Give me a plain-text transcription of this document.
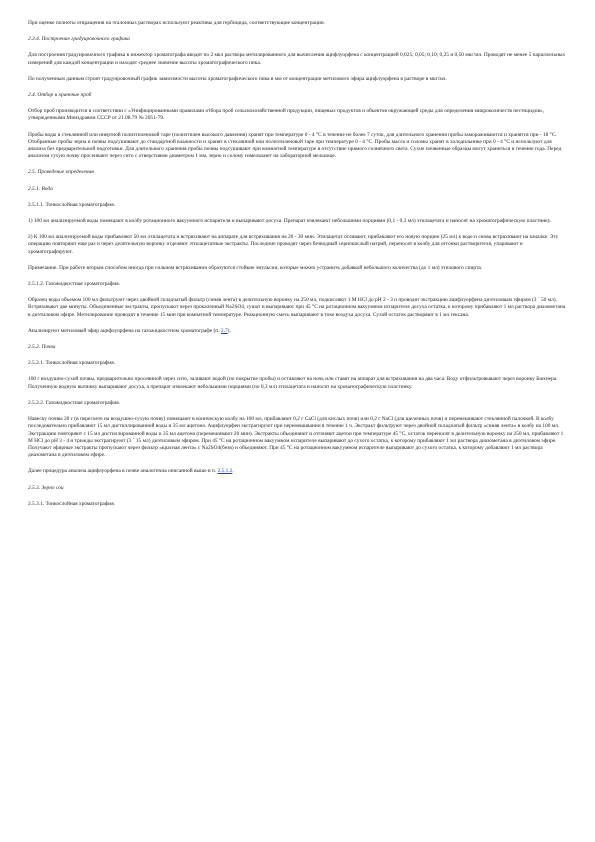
При оценке полноты отвращения на эталонных растворах используют реактивы для гербицида, соответствующие концентрации.

2.3.4. Построение градуировочного графика

Для построения градуировочного графика в инжектор хроматографа вводят по 2 мкл раствора метилированного для вычисления ацифлуорфена с концентрацией 0,025; 0,05; 0,10; 0,25 и 0,50 мкг/мл. Проводят не менее 5 параллельных измерений для каждой концентрации и находят среднее значение высоты хроматографического пика.

По полученным данным строят градуировочный график зависимости высоты хроматографического пика в мм от концентрации метилового эфира ацифлуорфена в растворе в мкг/мл.

2.4. Отбор и хранение проб

Отбор проб производится в соответствии с «Унифицированными правилами отбора проб сельскохозяйственной продукции, пищевых продуктов и объектов окружающей среды для определения микроколичеств пестицидов», утвержденными Минздравом СССР от 21.08.79 № 2051-79.

Пробы воды в стеклянной или инертной полиэтиленовой таре (полиэтилен высокого давления) хранят при температуре 0 - 4 °С в течение не более 7 суток, для длительного хранения пробы замораживаются и хранятся при - 18 °С. Отобранные пробы зерна и почвы подсушивают до стандартной влажности и хранят в стеклянной или полиэтиленовой таре при температуре 0 - 4 °С. Пробы масла и соломы хранят в холодильнике при 0 - 4 °С и используют для анализа без предварительной подготовки. Для длительного хранения пробы почвы подсушивают при комнатной температуре в отсутствие прямого солнечного света. Сухие почвенные образцы могут храниться в течение года. Перед анализом сухую почву просеивают через сито с отверстиями диаметром 1 мм, зерно и солому измельчают на лабораторной мельнице.

2.5. Проведение определения

2.5.1. Вода

2.5.1.1. Тонкослойная хроматография.

1) 100 мл анализируемой воды помещают в колбу ротационного вакуумного испарителя и выпаривают досуха. Препарат извлекают небольшими порциями (0,1 - 0,3 мл) этилацетата и наносят на хроматографическую пластинку.

2) К 100 мл анализируемой воды прибавляют 50 мл этилацетата и встряхивают на аппарате для встряхивания на 20 - 30 мин. Этилацетат отливают, прибавляют его новую порцию (25 мл) к воде и снова встряхивают на качалке. Эту операцию повторяют еще раз и через делительную воронку отделяют этилацетатные экстракты. Последние проводят через безводный сернокислый натрий, переносят в колбу для отгонки растворителя, упаривают и хроматографируют.

Примечание. При работе вторым способом иногда при сильном встряхивании образуются стойкие эмульсии, которые можно устранить добавкой небольшого количества (до 1 мл) этилового спирта.

2.5.1.2. Газожидкостная хроматография.

Образец воды объемом 100 мл фильтруют через двойной складчатый фильтр (синяя лента) в делительную воронку на 250 мл, подкисляют 1 М HCl до pH 2 - 3 и проводят экстракцию ацифлуорфена диэтиловым эфиром (3 ´ 50 мл). Встряхивают две минуты. Объединенные экстракты, пропускают через прокаленный Na2SO4, сушат и выпаривают при 45 °С на ротационном вакуумном испарителе досуха остатка, к которому прибавляют 1 мл раствора диазометана в диэтиловом эфире. Метилирование проводят в течение 15 мин при комнатной температуре. Реакционную смесь выпаривают в токе воздуха досуха. Сухой остаток растворяют в 1 мл гексана.

Анализируют метиловый эфир ацифлуорфена на газожидкостном хроматографе (п. 2.7).

2.5.2. Почва

2.5.2.1. Тонкослойная хроматография.

100 г воздушно-сухой почвы, предварительно просеянной через сито, заливают водой (по покрытие пробы) и оставляют на ночь или ставят на аппарат для встряхивания на два часа. Воду отфильтровывают через воронку Бюхнера. Полученную водную вытяжку выпаривают досуха, а препарат извлекают небольшими порциями (по 0,3 мл) этилацетата и наносят на хроматографическую пластинку.

2.5.2.2. Газожидкостная хроматография.

Навеску почвы 20 г (в пересчете на воздушно-сухую почву) помещают в коническую колбу на 100 мл, прибавляют 0,2 г CaCl (для кислых почв) или 0,2 г NaCl (для щелочных почв) и перемешивают стеклянной палочкой. В колбу последовательно прибавляют 15 мл дистиллированной воды и 35 мл ацетона. Ацифлуорфен экстрагируют при перемешивании в течение 1 ч. Экстракт фильтруют через двойной складчатый фильтр «синяя лента» в колбу на 100 мл. Экстракцию повторяют с 15 мл дистиллированной воды и 35 мл ацетона (перемешивают 20 мин). Экстракты объединяют и отгоняют ацетон при температуре 45 °С, остаток переносят в делительную воронку на 250 мл, прибавляют 1 М HCl до pH 3 - 4 и трижды экстрагируют (3 ´ 15 мл) диэтиловым эфиром. При 45 °С на ротационном вакуумном испарителе выпаривают до сухого остатка, к которому прибавляют 1 мл раствора диазометана в диэтиловом эфире. Получают эфирные экстракты пропускают через фильтр «красная лента» с Na2SO4(безв) и объединяют. При 45 °С на ротационном вакуумном испарителе выпаривают до сухого остатка, к которому добавляют 1 мл раствора диазометана в диэтиловом эфире.

Далее процедура анализа ацифлуорфена в почве аналогична описанной выше в п. 2.5.1.2.

2.5.3. Зерно сои

2.5.3.1. Тонкослойная хроматография.
